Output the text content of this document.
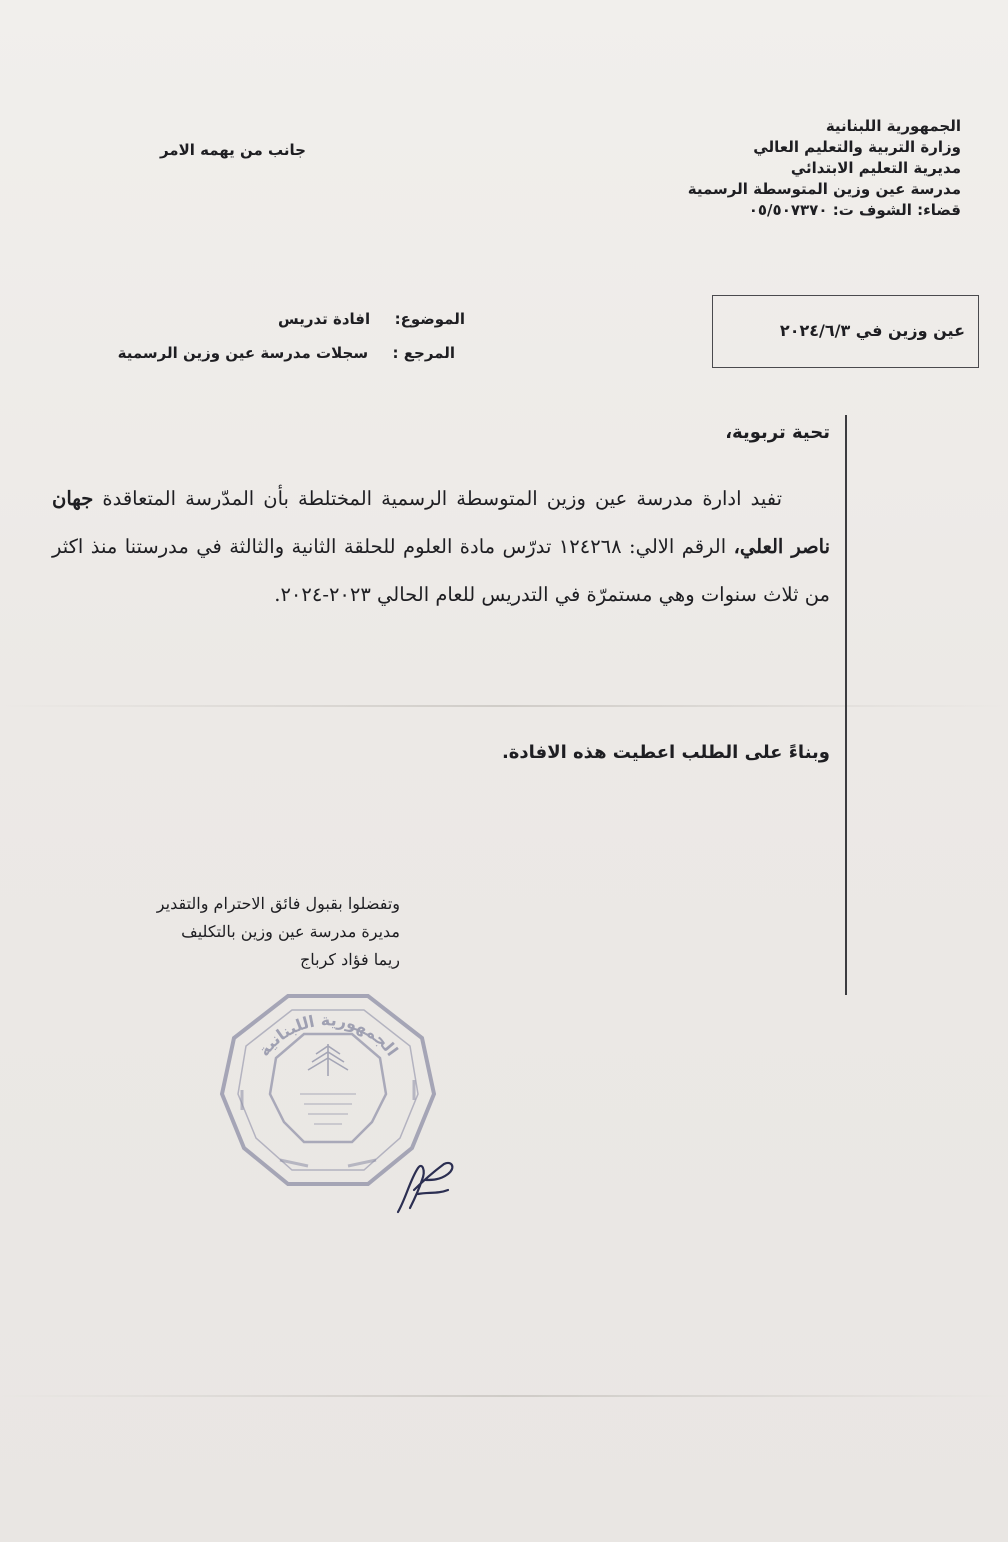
الجمهورية اللبنانية
وزارة التربية والتعليم العالي
مديرية التعليم الابتدائي
مدرسة عين وزين المتوسطة الرسمية
قضاء: الشوف ت: ٠٥/٥٠٧٣٧٠
جانب من يهمه الامر
عين وزين في ٢٠٢٤/٦/٣
الموضوع:  افادة تدريس
المرجع :  سجلات مدرسة عين وزين الرسمية
تحية تربوية،
تفيد ادارة مدرسة عين وزين المتوسطة الرسمية المختلطة بأن المدّرسة المتعاقدة جهان ناصر العلي، الرقم الالي: ١٢٤٢٦٨ تدرّس مادة العلوم للحلقة الثانية والثالثة في مدرستنا منذ اكثر من ثلاث سنوات وهي مستمرّة في التدريس للعام الحالي ٢٠٢٣-٢٠٢٤.
وبناءً على الطلب اعطيت هذه الافادة.
وتفضلوا بقبول فائق الاحترام والتقدير
مديرة مدرسة عين وزين بالتكليف
ريما فؤاد كرباج
الجمهورية اللبنانية
